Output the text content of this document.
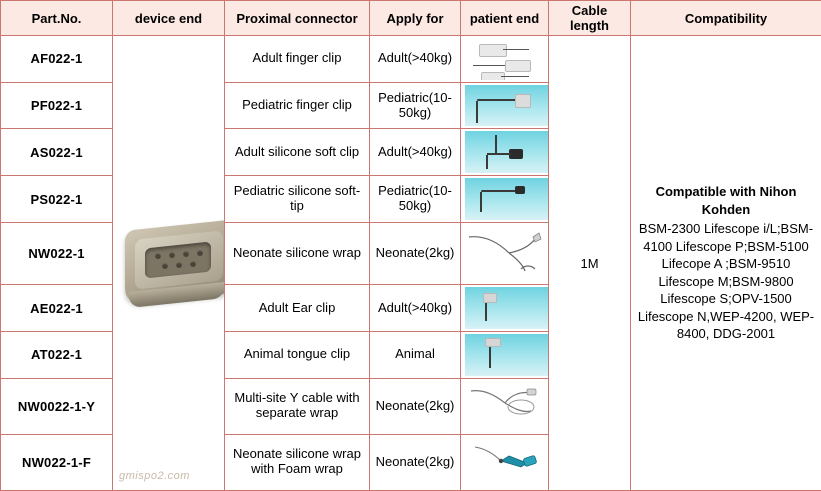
Part.No.	device end	Proximal connector	Apply for	patient end	Cable length	Compatibility
AF022-1	gmispo2.com	Adult finger clip	Adult(>40kg)		1M	Compatible with Nihon Kohden
BSM-2300 Lifescope i/L;BSM-4100 Lifescope P;BSM-5100 Lifecope A ;BSM-9510 Lifescope M;BSM-9800 Lifescope S;OPV-1500 Lifescope N,WEP-4200, WEP-8400, DDG-2001
PF022-1		Pediatric finger clip	Pediatric(10-50kg)			

AS022-1		Adult silicone soft clip	Adult(>40kg)			

PS022-1		Pediatric silicone soft-tip	Pediatric(10-50kg)			

NW022-1		Neonate silicone wrap	Neonate(2kg)	

AE022-1		Adult Ear clip	Adult(>40kg)			

AT022-1		Animal tongue clip	Animal			

NW0022-1-Y		Multi-site Y cable with separate wrap	Neonate(2kg)	

NW022-1-F		Neonate silicone wrap with Foam wrap	Neonate(2kg)	
